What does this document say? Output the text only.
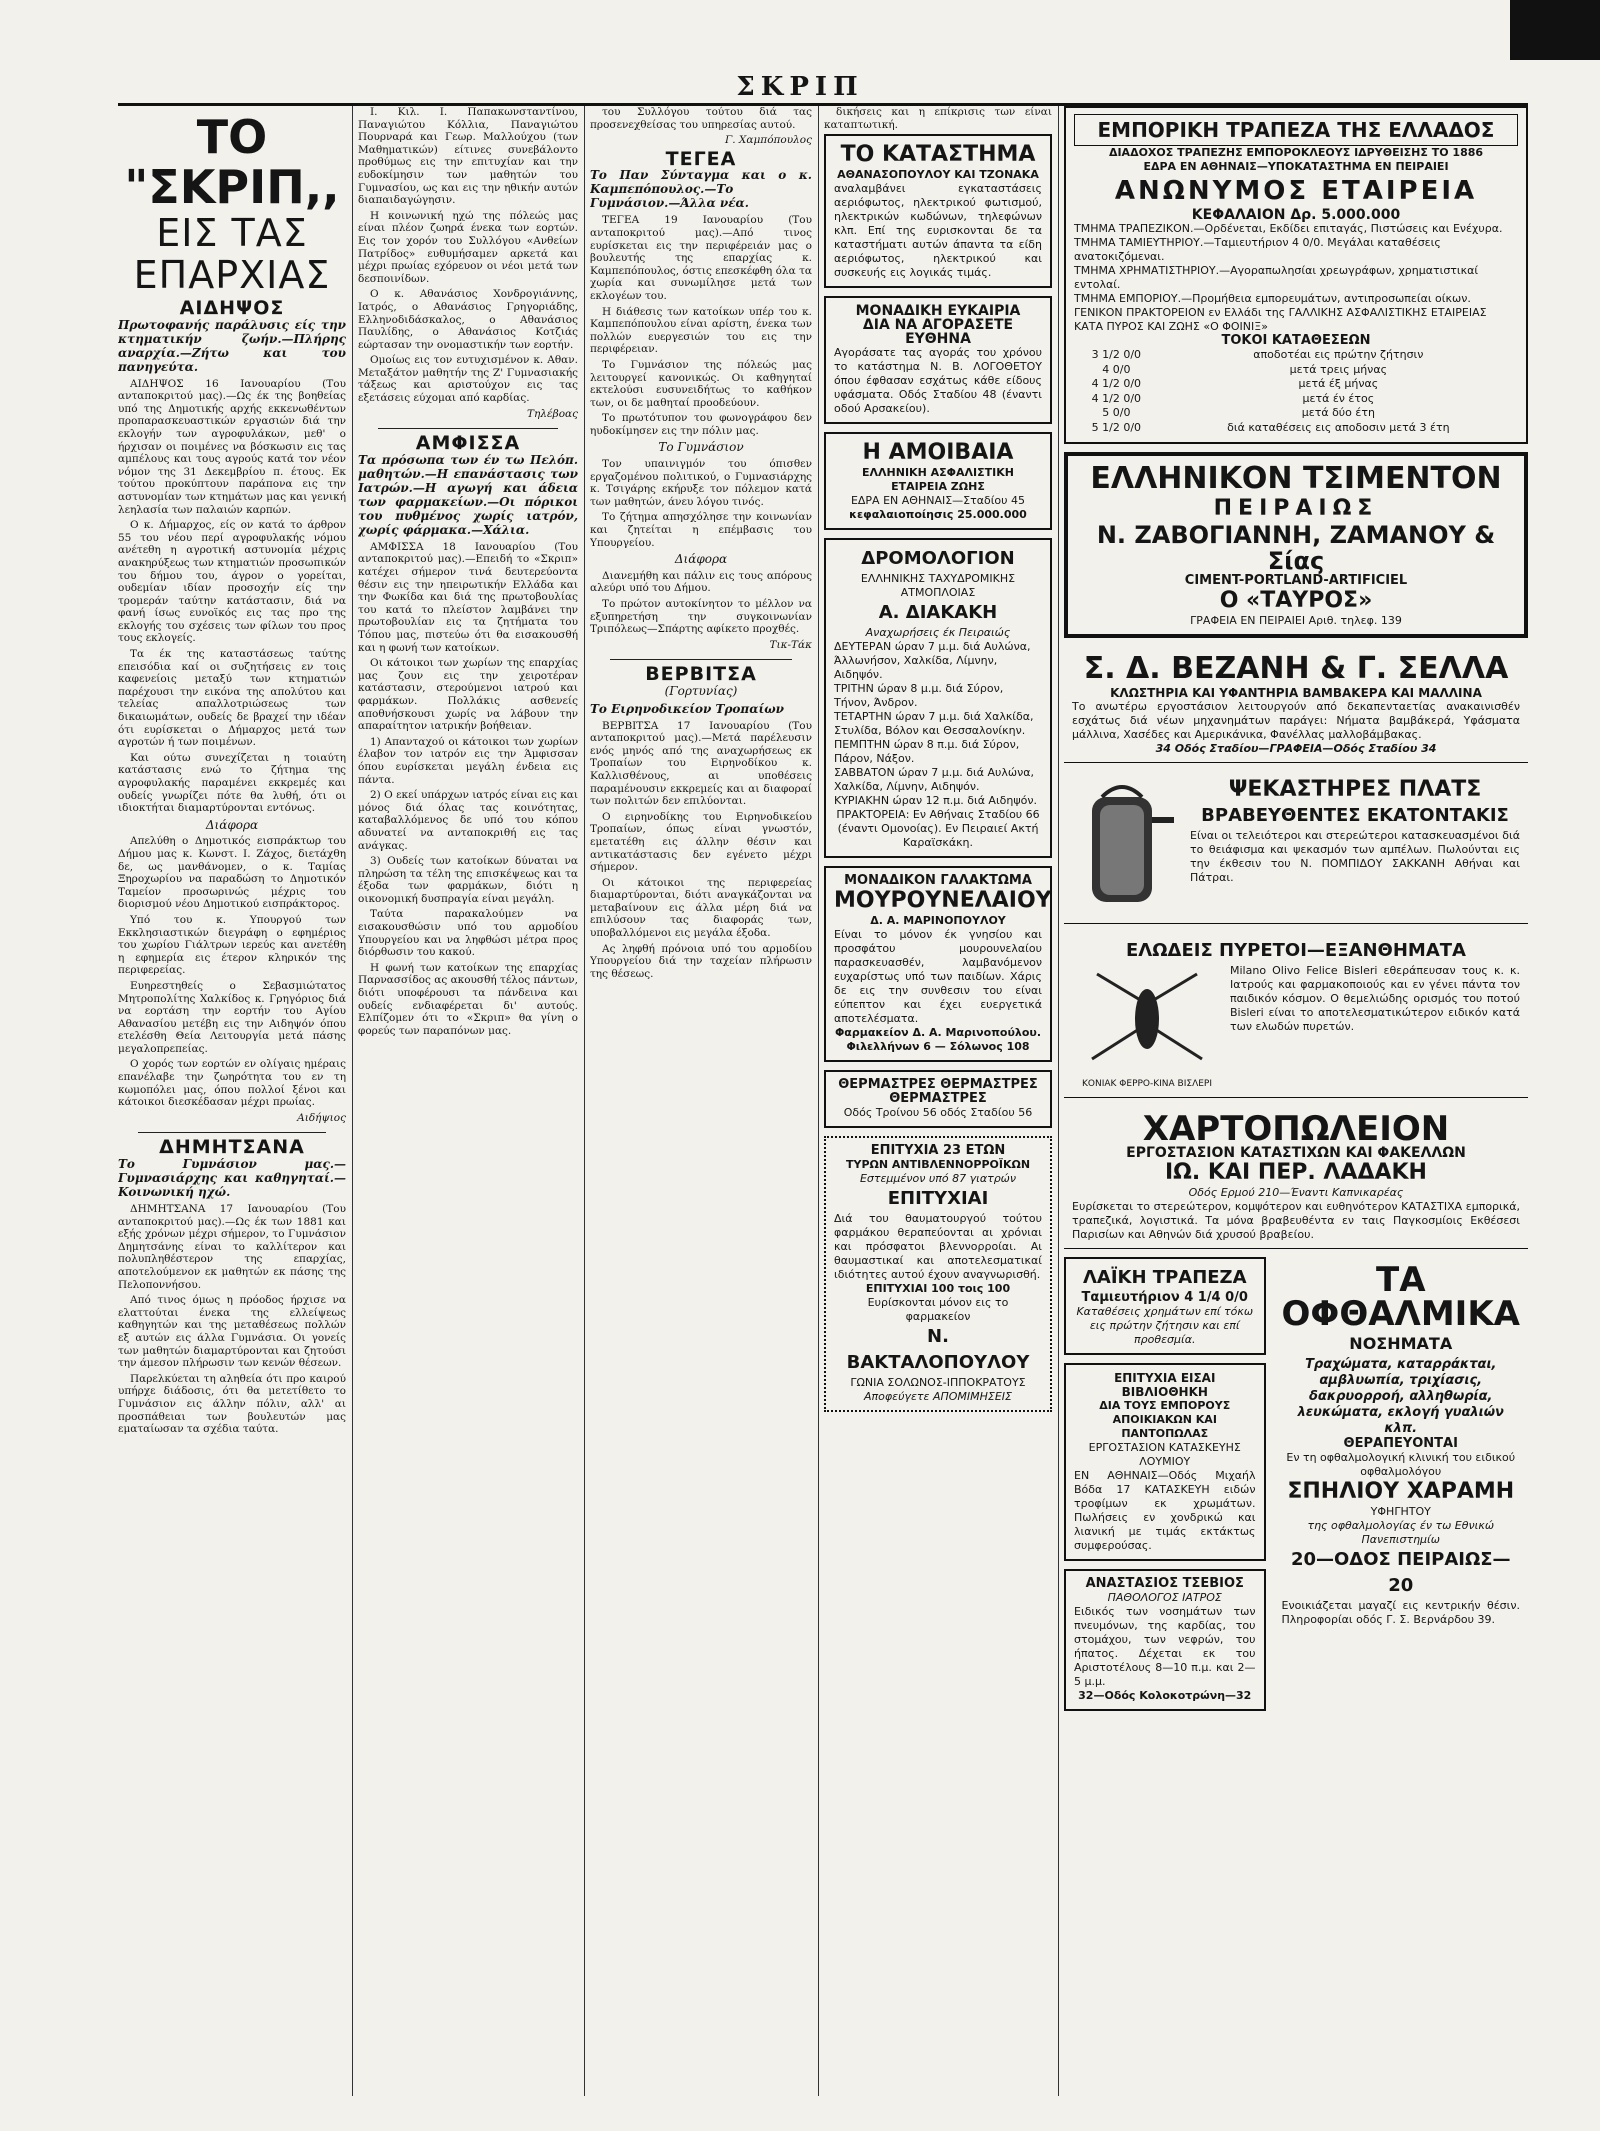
ΣΚΡΙΠ
ΤΟ "ΣΚΡΙΠ,,
ΕΙΣ ΤΑΣ ΕΠΑΡΧΙΑΣ
ΑΙΔΗΨΟΣ
Πρωτοφανής παράλυσις είς την κτηματικήν ζωήν.—Πλήρης αναρχία.—Ζήτω και του πανηγεύτα.

ΑΙΔΗΨΟΣ 16 Ιανουαρίου (Του ανταποκριτού μας).—Ως έκ της βοηθείας υπό της Δημοτικής αρχής εκκενωθέντων προπαρασκευαστικών εργασιών διά την εκλογήν των αγροφυλάκων, μεθ' ο ήρχισαν οι ποιμένες να βόσκωσιν εις τας αμπέλους και τους αγρούς κατά τον νέον νόμον της 31 Δεκεμβρίου π. έτους. Εκ τούτου προκύπτουν παράπονα εις την αστυνομίαν των κτημάτων μας και γενική λεηλασία των παλαιών καρπών.

Ο κ. Δήμαρχος, είς ον κατά το άρθρον 55 του νέου περί αγροφυλακής νόμου ανέτεθη η αγροτική αστυνομία μέχρις ανακηρύξεως των κτηματιών προσωπικών του δήμου του, άγρον ο γορείται, ουδεμίαν ιδίαν προσοχήν είς την τρομεράν ταύτην κατάστασιν, διά να φανή ίσως ευνοϊκός εις τας προ της εκλογής του σχέσεις των φίλων του προς τους εκλογείς.

Τα έκ της καταστάσεως ταύτης επεισόδια καί οι συζητήσεις εν τοις καφενείοις μεταξύ των κτηματιών παρέχουσι την εικόνα της απολύτου και τελείας απαλλοτριώσεως των δικαιωμάτων, ουδείς δε βραχεί την ιδέαν ότι ευρίσκεται ο Δήμαρχος μετά των αγροτών ή των ποιμένων.

Και ούτω συνεχίζεται η τοιαύτη κατάστασις ενώ το ζήτημα της αγροφυλακής παραμένει εκκρεμές και ουδείς γνωρίζει πότε θα λυθή, ότι οι ιδιοκτήται διαμαρτύρονται εντόνως.

Διάφορα

Απελύθη ο Δημοτικός εισπράκτωρ του Δήμου μας κ. Κωνστ. Ι. Ζάχος, διετάχθη δε, ως μανθάνομεν, ο κ. Ταμίας Ξηροχωρίου να παραδώση το Δημοτικόν Ταμείον προσωρινώς μέχρις του διορισμού νέου Δημοτικού εισπράκτορος.

Υπό του κ. Υπουργού των Εκκλησιαστικών διεγράφη ο εφημέριος του χωρίου Γιάλτρων ιερεύς και ανετέθη η εφημερία εις έτερον κληρικόν της περιφερείας.

Ευηρεστηθείς ο Σεβασμιώτατος Μητροπολίτης Χαλκίδος κ. Γρηγόριος διά να εορτάση την εορτήν του Αγίου Αθανασίου μετέβη εις την Αιδηψόν όπου ετελέσθη Θεία Λειτουργία μετά πάσης μεγαλοπρεπείας.

Ο χορός των εορτών εν ολίγαις ημέραις επανέλαβε την ζωηρότητα του εν τη κωμοπόλει μας, όπου πολλοί ξένοι και κάτοικοι διεσκέδασαν μέχρι πρωίας.

Αιδήψιος
ΔΗΜΗΤΣΑΝΑ
Το Γυμνάσιον μας.—Γυμνασιάρχης και καθηγηταί.—Κοινωνική ηχώ.

ΔΗΜΗΤΣΑΝΑ 17 Ιανουαρίου (Του ανταποκριτού μας).—Ως έκ των 1881 και εξής χρόνων μέχρι σήμερον, το Γυμνάσιον Δημητσάνης είναι το καλλίτερον και πολυπληθέστερον της επαρχίας, αποτελούμενον εκ μαθητών εκ πάσης της Πελοποννήσου.

Από τινος όμως η πρόοδος ήρχισε να ελαττούται ένεκα της ελλείψεως καθηγητών και της μεταθέσεως πολλών εξ αυτών εις άλλα Γυμνάσια. Οι γονείς των μαθητών διαμαρτύρονται και ζητούσι την άμεσον πλήρωσιν των κενών θέσεων.

Παρελκύεται τη αληθεία ότι προ καιρού υπήρχε διάδοσις, ότι θα μετετίθετο το Γυμνάσιον εις άλλην πόλιν, αλλ' αι προσπάθειαι των βουλευτών μας εματαίωσαν τα σχέδια ταύτα.

Ι. Κιλ. Ι. Παπακωνσταντίνου, Παναγιώτου Κόλλια, Παναγιώτου Πουρναρά και Γεωρ. Μαλλούχου (των Μαθηματικών) είτινες συνεβάλοντο προθύμως εις την επιτυχίαν και την ευδοκίμησιν των μαθητών του Γυμνασίου, ως και εις την ηθικήν αυτών διαπαιδαγώγησιν.

Η κοινωνική ηχώ της πόλεώς μας είναι πλέον ζωηρά ένεκα των εορτών. Εις τον χορόν του Συλλόγου «Ανθείων Πατρίδος» ευθυμήσαμεν αρκετά και μέχρι πρωίας εχόρευον οι νέοι μετά των δεσποινίδων.

Ο κ. Αθανάσιος Χονδρογιάννης, Ιατρός, ο Αθανάσιος Γρηγοριάδης, Ελληνοδιδάσκαλος, ο Αθανάσιος Παυλίδης, ο Αθανάσιος Κοτζιάς εώρτασαν την ονομαστικήν των εορτήν.

Ομοίως εις τον ευτυχισμένον κ. Αθαν. Μεταξάτον μαθητήν της Ζ' Γυμνασιακής τάξεως και αριστούχον εις τας εξετάσεις εύχομαι από καρδίας.

Τηλέβοας
ΑΜΦΙΣΣΑ
Τα πρόσωπα των έν τω Πελόπ. μαθητών.—Η επανάστασις των Ιατρών.—Η αγωγή και άδεια των φαρμακείων.—Οι πόρικοι του πυθμένος χωρίς ιατρόν, χωρίς φάρμακα.—Χάλια.

ΑΜΦΙΣΣΑ 18 Ιανουαρίου (Του ανταποκριτού μας).—Επειδή το «Σκριπ» κατέχει σήμερον τινά δευτερεύοντα θέσιν εις την ηπειρωτικήν Ελλάδα και την Φωκίδα και διά της πρωτοβουλίας του κατά το πλείστον λαμβάνει την πρωτοβουλίαν εις τα ζητήματα του Τόπου μας, πιστεύω ότι θα εισακουσθή και η φωνή των κατοίκων.

Οι κάτοικοι των χωρίων της επαρχίας μας ζουν εις την χειροτέραν κατάστασιν, στερούμενοι ιατρού και φαρμάκων. Πολλάκις ασθενείς αποθνήσκουσι χωρίς να λάβουν την απαραίτητον ιατρικήν βοήθειαν.

1) Απανταχού οι κάτοικοι των χωρίων έλαβον τον ιατρόν εις την Άμφισσαν όπου ευρίσκεται μεγάλη ένδεια εις πάντα.

2) Ο εκεί υπάρχων ιατρός είναι εις και μόνος διά όλας τας κοινότητας, καταβαλλόμενος δε υπό του κόπου αδυνατεί να ανταποκριθή εις τας ανάγκας.

3) Ουδείς των κατοίκων δύναται να πληρώση τα τέλη της επισκέψεως και τα έξοδα των φαρμάκων, διότι η οικονομική δυσπραγία είναι μεγάλη.

Ταύτα παρακαλούμεν να εισακουσθώσιν υπό του αρμοδίου Υπουργείου και να ληφθώσι μέτρα προς διόρθωσιν του κακού.

Η φωνή των κατοίκων της επαρχίας Παρνασσίδος ας ακουσθή τέλος πάντων, διότι υποφέρουσι τα πάνδεινα και ουδείς ενδιαφέρεται δι' αυτούς. Ελπίζομεν ότι το «Σκριπ» θα γίνη ο φορεύς των παραπόνων μας.

του Συλλόγου τούτου διά τας προσενεχθείσας του υπηρεσίας αυτού.

Γ. Χαμπόπουλος
ΤΕΓΕΑ
Το Παν Σύνταγμα και ο κ. Καμπεπόπουλος.—Το Γυμνάσιον.—Άλλα νέα.

ΤΕΓΕΑ 19 Ιανουαρίου (Του ανταποκριτού μας).—Από τινος ευρίσκεται εις την περιφέρειάν μας ο βουλευτής της επαρχίας κ. Καμπεπόπουλος, όστις επεσκέφθη όλα τα χωρία και συνωμίλησε μετά των εκλογέων του.

Η διάθεσις των κατοίκων υπέρ του κ. Καμπεπόπουλου είναι αρίστη, ένεκα των πολλών ευεργεσιών του εις την περιφέρειαν.

Το Γυμνάσιον της πόλεώς μας λειτουργεί κανονικώς. Οι καθηγηταί εκτελούσι ευσυνειδήτως το καθήκον των, οι δε μαθηταί προοδεύουν.

Το πρωτότυπον του φωνογράφου δεν ηυδοκίμησεν εις την πόλιν μας.

Το Γυμνάσιον

Τον υπαινιγμόν του όπισθεν εργαζομένου πολιτικού, ο Γυμνασιάρχης κ. Τσιγάρης εκήρυξε τον πόλεμον κατά των μαθητών, άνευ λόγου τινός.

Το ζήτημα απησχόλησε την κοινωνίαν και ζητείται η επέμβασις του Υπουργείου.

Διάφορα

Διανεμήθη και πάλιν εις τους απόρους αλεύρι υπό του Δήμου.

Το πρώτον αυτοκίνητον το μέλλον να εξυπηρετήση την συγκοινωνίαν Τριπόλεως—Σπάρτης αφίκετο προχθές.

Τικ-Τάκ
ΒΕΡΒΙΤΣΑ
(Γορτυνίας)
Το Ειρηνοδικείον Τροπαίων

ΒΕΡΒΙΤΣΑ 17 Ιανουαρίου (Του ανταποκριτού μας).—Μετά παρέλευσιν ενός μηνός από της αναχωρήσεως εκ Τροπαίων του Ειρηνοδίκου κ. Καλλισθένους, αι υποθέσεις παραμένουσιν εκκρεμείς και αι διαφοραί των πολιτών δεν επιλύονται.

Ο ειρηνοδίκης του Ειρηνοδικείου Τροπαίων, όπως είναι γνωστόν, εμετατέθη εις άλλην θέσιν και αντικατάστασις δεν εγένετο μέχρι σήμερον.

Οι κάτοικοι της περιφερείας διαμαρτύρονται, διότι αναγκάζονται να μεταβαίνουν εις άλλα μέρη διά να επιλύσουν τας διαφοράς των, υποβαλλόμενοι εις μεγάλα έξοδα.

Ας ληφθή πρόνοια υπό του αρμοδίου Υπουργείου διά την ταχείαν πλήρωσιν της θέσεως.

δικήσεις και η επίκρισις των είναι καταπτωτική.

ΤΟ ΚΑΤΑΣΤΗΜΑ
ΑΘΑΝΑΣΟΠΟΥΛΟΥ ΚΑΙ ΤΖΟΝΑΚΑ
αναλαμβάνει εγκαταστάσεις αεριόφωτος, ηλεκτρικού φωτισμού, ηλεκτρικών κωδώνων, τηλεφώνων κλπ. Επί της ευρισκονται δε τα καταστήματι αυτών άπαντα τα είδη αεριόφωτος, ηλεκτρικού και συσκευής εις λογικάς τιμάς.
ΜΟΝΑΔΙΚΗ ΕΥΚΑΙΡΙΑ
ΔΙΑ ΝΑ ΑΓΟΡΑΣΕΤΕ ΕΥΘΗΝΑ
Αγοράσατε τας αγοράς του χρόνου το κατάστημα Ν. Β. ΛΟΓΟΘΕΤΟΥ όπου έφθασαν εσχάτως κάθε είδους υφάσματα. Οδός Σταδίου 48 (έναντι οδού Αρσακείου).
Η ΑΜΟΙΒΑΙΑ
ΕΛΛΗΝΙΚΗ ΑΣΦΑΛΙΣΤΙΚΗ ΕΤΑΙΡΕΙΑ ΖΩΗΣ
ΕΔΡΑ ΕΝ ΑΘΗΝΑΙΣ—Σταδίου 45
κεφαλαιοποίησις 25.000.000
ΔΡΟΜΟΛΟΓΙΟΝ
ΕΛΛΗΝΙΚΗΣ ΤΑΧΥΔΡΟΜΙΚΗΣ ΑΤΜΟΠΛΟΙΑΣ
Α. ΔΙΑΚΑΚΗ
Αναχωρήσεις έκ Πειραιώς
ΔΕΥΤΕΡΑΝ ώραν 7 μ.μ. διά Αυλώνα, Άλλωνήσον, Χαλκίδα, Λίμνην, Αιδηψόν.
ΤΡΙΤΗΝ ώραν 8 μ.μ. διά Σύρον, Τήνον, Άνδρον.
ΤΕΤΑΡΤΗΝ ώραν 7 μ.μ. διά Χαλκίδα, Στυλίδα, Βόλον και Θεσσαλονίκην.
ΠΕΜΠΤΗΝ ώραν 8 π.μ. διά Σύρον, Πάρον, Νάξον.
ΣΑΒΒΑΤΟΝ ώραν 7 μ.μ. διά Αυλώνα, Χαλκίδα, Λίμνην, Αιδηψόν.
ΚΥΡΙΑΚΗΝ ώραν 12 π.μ. διά Αιδηψόν.
ΠΡΑΚΤΟΡΕΙΑ: Εν Αθήναις Σταδίου 66 (έναντι Ομονοίας). Εν Πειραιεί Ακτή Καραϊσκάκη.
ΜΟΝΑΔΙΚΟΝ ΓΑΛΑΚΤΩΜΑ
ΜΟΥΡΟΥΝΕΛΑΙΟΥ
Δ. Α. ΜΑΡΙΝΟΠΟΥΛΟΥ
Είναι το μόνον έκ γνησίου και προσφάτου μουρουνελαίου παρασκευασθέν, λαμβανόμενον ευχαρίστως υπό των παιδίων. Χάρις δε εις την συνθεσιν του είναι εύπεπτον και έχει ευεργετικά αποτελέσματα.
Φαρμακείον Δ. Α. Μαρινοπούλου. Φιλελλήνων 6 — Σόλωνος 108
ΘΕΡΜΑΣΤΡΕΣ ΘΕΡΜΑΣΤΡΕΣ
ΘΕΡΜΑΣΤΡΕΣ
Οδός Τροίνου 56 οδός Σταδίου 56
ΕΠΙΤΥΧΙΑ 23 ΕΤΩΝ
ΤΥΡΩΝ ΑΝΤΙΒΛΕΝΝΟΡΡΟΪΚΩΝ
Εστεμμένον υπό 87 γιατρών
ΕΠΙΤΥΧΙΑΙ
Διά του θαυματουργού τούτου φαρμάκου θεραπεύονται αι χρόνιαι και πρόσφατοι βλεννορροίαι. Αι θαυμαστικαί και αποτελεσματικαί ιδιότητες αυτού έχουν αναγνωρισθή.
ΕΠΙΤΥΧΙΑΙ 100 τοις 100
Ευρίσκονται μόνον εις το φαρμακείον
Ν. ΒΑΚΤΑΛΟΠΟΥΛΟΥ
ΓΩΝΙΑ ΣΟΛΩΝΟΣ-ΙΠΠΟΚΡΑΤΟΥΣ
Αποφεύγετε ΑΠΟΜΙΜΗΣΕΙΣ
ΕΜΠΟΡΙΚΗ ΤΡΑΠΕΖΑ ΤΗΣ ΕΛΛΑΔΟΣ
ΔΙΑΔΟΧΟΣ ΤΡΑΠΕΖΗΣ ΕΜΠΟΡΟΚΛΕΟΥΣ ΙΔΡΥΘΕΙΣΗΣ ΤΟ 1886
ΕΔΡΑ ΕΝ ΑΘΗΝΑΙΣ—ΥΠΟΚΑΤΑΣΤΗΜΑ ΕΝ ΠΕΙΡΑΙΕΙ
ΑΝΩΝΥΜΟΣ ΕΤΑΙΡΕΙΑ
ΚΕΦΑΛΑΙΟΝ Δρ. 5.000.000
ΤΜΗΜΑ ΤΡΑΠΕΖΙΚΟΝ.—Ορδένεται, Εκδίδει επιταγάς, Πιστώσεις και Ενέχυρα.
ΤΜΗΜΑ ΤΑΜΙΕΥΤΗΡΙΟΥ.—Ταμιευτήριον 4 0/0. Μεγάλαι καταθέσεις ανατοκιζόμεναι.
ΤΜΗΜΑ ΧΡΗΜΑΤΙΣΤΗΡΙΟΥ.—Αγοραπωλησίαι χρεωγράφων, χρηματιστικαί εντολαί.
ΤΜΗΜΑ ΕΜΠΟΡΙΟΥ.—Προμήθεια εμπορευμάτων, αντιπροσωπείαι οίκων.
ΓΕΝΙΚΟΝ ΠΡΑΚΤΟΡΕΙΟΝ εν Ελλάδι της ΓΑΛΛΙΚΗΣ ΑΣΦΑΛΙΣΤΙΚΗΣ ΕΤΑΙΡΕΙΑΣ ΚΑΤΑ ΠΥΡΟΣ ΚΑΙ ΖΩΗΣ «Ο ΦΟΙΝΙΞ»
ΤΟΚΟΙ ΚΑΤΑΘΕΣΕΩΝ
3 1/2 0/0	αποδοτέαι εις πρώτην ζήτησιν
4 0/0	μετά τρεις μήνας
4 1/2 0/0	μετά έξ μήνας
4 1/2 0/0	μετά έν έτος
5 0/0	μετά δύο έτη
5 1/2 0/0	διά καταθέσεις εις αποδοσιν μετά 3 έτη
ΕΛΛΗΝΙΚΟΝ ΤΣΙΜΕΝΤΟΝ
ΠΕΙΡΑΙΩΣ
Ν. ΖΑΒΟΓΙΑΝΝΗ, ΖΑΜΑΝΟΥ & Σίας
CIMENT-PORTLAND-ARTIFICIEL
Ο «ΤΑΥΡΟΣ»
ΓΡΑΦΕΙΑ ΕΝ ΠΕΙΡΑΙΕΙ Αριθ. τηλεφ. 139
Σ. Δ. ΒΕΖΑΝΗ & Γ. ΣΕΛΛΑ
ΚΛΩΣΤΗΡΙΑ ΚΑΙ ΥΦΑΝΤΗΡΙΑ ΒΑΜΒΑΚΕΡΑ ΚΑΙ ΜΑΛΛΙΝΑ
Το ανωτέρω εργοστάσιον λειτουργούν από δεκαπενταετίας ανακαινισθέν εσχάτως διά νέων μηχανημάτων παράγει: Νήματα βαμβάκερά, Υφάσματα μάλλινα, Χασέδες και Αμερικάνικα, Φανέλλας μαλλοβάμβακας.
34 Οδός Σταδίου—ΓΡΑΦΕΙΑ—Οδός Σταδίου 34
ΨΕΚΑΣΤΗΡΕΣ ΠΛΑΤΣ
ΒΡΑΒΕΥΘΕΝΤΕΣ ΕΚΑΤΟΝΤΑΚΙΣ
Είναι οι τελειότεροι και στερεώτεροι κατασκευασμένοι διά το θειάφισμα και ψεκασμόν των αμπέλων. Πωλούνται εις την έκθεσιν του Ν. ΠΟΜΠΙΔΟΥ ΣΑΚΚΑΝΗ Αθήναι και Πάτραι.
ΕΛΩΔΕΙΣ ΠΥΡΕΤΟΙ—ΕΞΑΝΘΗΜΑΤΑ
ΚΟΝΙΑΚ ΦΕΡΡΟ-ΚΙΝΑ ΒΙΣΛΕΡΙ
Milano Olivo Felice Bisleri εθεράπευσαν τους κ. κ. Ιατρούς και φαρμακοποιούς και εν γένει πάντα τον παιδικόν κόσμον. Ο θεμελιώδης ορισμός του ποτού Bisleri είναι το αποτελεσματικώτερον ειδικόν κατά των ελωδών πυρετών.
ΧΑΡΤΟΠΩΛΕΙΟΝ
ΕΡΓΟΣΤΑΣΙΟΝ ΚΑΤΑΣΤΙΧΩΝ ΚΑΙ ΦΑΚΕΛΛΩΝ
ΙΩ. ΚΑΙ ΠΕΡ. ΛΑΔΑΚΗ
Οδός Ερμού 210—Έναντι Καπνικαρέας
Ευρίσκεται το στερεώτερον, κομψότερον και ευθηνότερον ΚΑΤΑΣΤΙΧΑ εμπορικά, τραπεζικά, λογιστικά. Τα μόνα βραβευθέντα εν ταις Παγκοσμίοις Εκθέσεσι Παρισίων και Αθηνών διά χρυσού βραβείου.
ΛΑΪΚΗ ΤΡΑΠΕΖΑ
Ταμιευτήριον 4 1/4 0/0
Καταθέσεις χρημάτων επί τόκω εις πρώτην ζήτησιν και επί προθεσμία.
ΕΠΙΤΥΧΙΑ ΕΙΣΑΙ ΒΙΒΛΙΟΘΗΚΗ
ΔΙΑ ΤΟΥΣ ΕΜΠΟΡΟΥΣ ΑΠΟΙΚΙΑΚΩΝ ΚΑΙ ΠΑΝΤΟΠΩΛΑΣ
ΕΡΓΟΣΤΑΣΙΟΝ ΚΑΤΑΣΚΕΥΗΣ ΛΟΥΜΙΟΥ
ΕΝ ΑΘΗΝΑΙΣ—Οδός Μιχαήλ Βόδα 17 ΚΑΤΑΣΚΕΥΗ ειδών τροφίμων εκ χρωμάτων. Πωλήσεις εν χονδρικώ και λιανική με τιμάς εκτάκτως συμφερούσας.
ΑΝΑΣΤΑΣΙΟΣ ΤΣΕΒΙΟΣ
ΠΑΘΟΛΟΓΟΣ ΙΑΤΡΟΣ
Ειδικός των νοσημάτων των πνευμόνων, της καρδίας, του στομάχου, των νεφρών, του ήπατος. Δέχεται εκ του Αριστοτέλους 8—10 π.μ. και 2—5 μ.μ.
32—Οδός Κολοκοτρώνη—32
ΤΑ ΟΦΘΑΛΜΙΚΑ
ΝΟΣΗΜΑΤΑ
Τραχώματα, καταρράκται, αμβλυωπία, τριχίασις, δακρυορροή, αλληθωρία, λευκώματα, εκλογή γυαλιών κλπ.
ΘΕΡΑΠΕΥΟΝΤΑΙ
Εν τη οφθαλμολογική κλινική του ειδικού οφθαλμολόγου
ΣΠΗΛΙΟΥ ΧΑΡΑΜΗ
ΥΦΗΓΗΤΟΥ
της οφθαλμολογίας έν τω Εθνικώ Πανεπιστημίω
20—ΟΔΟΣ ΠΕΙΡΑΙΩΣ—20
Ενοικιάζεται μαγαζί εις κεντρικήν θέσιν. Πληροφορίαι οδός Γ. Σ. Βερνάρδου 39.
